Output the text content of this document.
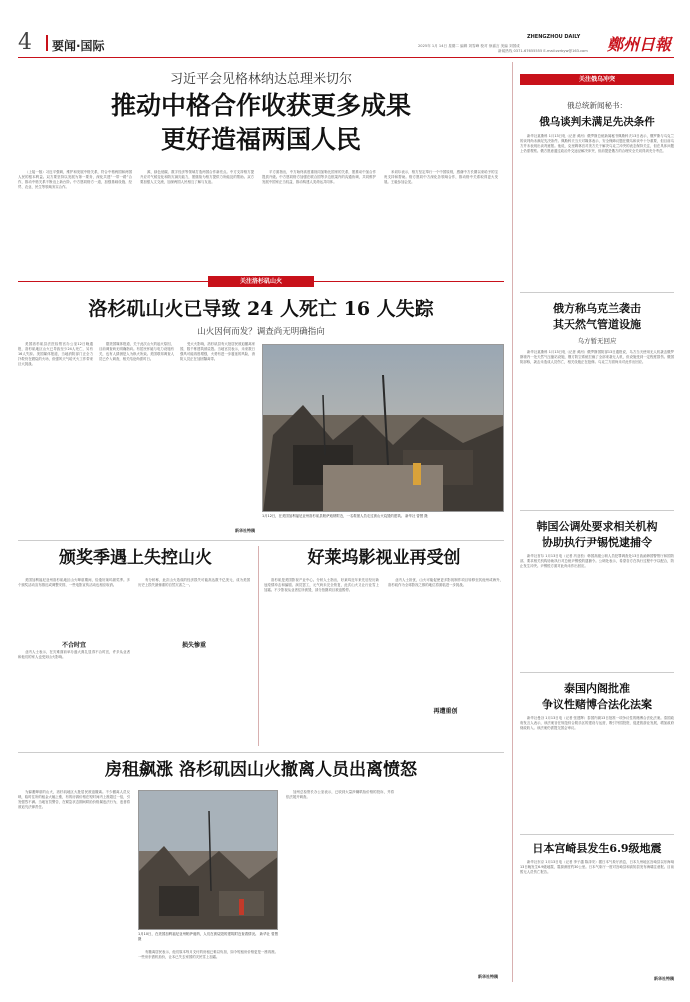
4	要闻·国际
ZHENGZHOU DAILY 鄭州日報
2025年 1月 14日 星期二 编辑 刘雪峰 校对 徐嘉言 美编 刘国成
新闻热线 0371-67655555 E-mail:zzrbyw@163.com
习近平会见格林纳达总理米切尔
推动中格合作收获更多成果
更好造福两国人民

（上接一版）习近平强调，维护和发展中格关系，符合中格两国和两国人民的根本利益。双方要坚持以发展为第一要务，深化共建“一带一路”合作，推动中格关系不断迈上新台阶。中方愿同格方一道，加强基础设施、经贸、农业、民生等领域务实合作。

源、绿色低碳、数字经济等领域打造两国合作新亮点。中方支持格方提升应对气候变化和防灾减灾能力，愿继续为格方提供力所能及的帮助。双方要加强人文交流，加深两国人民相互了解与友谊。

平方面指出，中方始终高度重视同加勒比国家的关系，愿推动中加合作提质升级。中方愿同格方加强在联合国等多边框架内的沟通协调，共同维护发展中国家正当权益，推动构建人类命运共同体。

米切尔表示，格方坚定奉行一个中国原则，感谢中方长期以来给予的宝贵支持和帮助。格方愿同中方深化各领域合作，推动格中关系取得更大发展。王毅参加会见。

关注俄乌冲突
俄总统新闻秘书：
俄乌谈判未满足先决条件

新华社莫斯科 1月13日电（记者 黄河）俄罗斯总统新闻秘书佩斯科夫13日表示，俄罗斯与乌克兰的谈判尚未满足先决条件。佩斯科夫当天对媒体表示，安全保障议题在俄乌和谈中十分重要，但目前乌方并未表现出谈判意愿。他说，克里姆林宫对美方关于解决乌克兰冲突的表态保持关注，但在具体问题上仍需观察。俄方愿意通过政治外交途径解决冲突，但前提是俄方的合理安全关切得到充分考虑。

俄方称乌克兰袭击
其天然气管道设施
乌方暂无回应

新华社莫斯科 1月13日电（记者 黄河）俄罗斯国防部13日通报说，乌方当天使用无人机袭击俄罗斯境内一处天然气压缩站设施，俄方防空系统拦截了全部来袭无人机，但设施受到一定程度损伤。俄国防部称，袭击未造成人员伤亡，相关设施正在抢修。乌克兰方面尚未对此作出回应。

韩国公调处要求相关机构
协助执行尹锡悦逮捕令

新华社首尔 1月13日电（记者 冯亚松）韩国高级公职人员犯罪调查处13日致函韩国警察厅和国防部，要求相关机构协助执行对总统尹锡悦的逮捕令。公调处表示，希望各方在执行过程中予以配合，防止发生冲突。尹锡悦方面对此尚未作出回应。

泰国内阁批准
争议性赌博合法化法案

新华社曼谷 1月13日电（记者 张建辉）泰国内阁13日批准一项争议性的赌博合法化法案。泰国政府发言人表示，该法案旨在规范综合娱乐区的建设与运营，吸引外国投资，促进旅游业发展，增加政府财政收入。该法案仍需提交国会审议。

日本宫崎县发生6.9级地震

新华社东京 1月13日电（记者 李子越 陈泽安）据日本气象厅消息，日本九州地区宫崎县以东海域13日晚发生6.9级地震，震源深度约30公里。日本气象厅一度对宫崎县和高知县发布海啸注意报。目前暂无人员伤亡报告。

新华社特稿
关注洛杉矶山火
洛杉矶山火已导致 24 人死亡 16 人失踪
山火因何而发？调查尚无明确指向

美国洛杉矶县法医检察官办公室12日晚通报，洛杉矶地区山火已导致至少24人死亡，另有16人失踪。美国媒体报道，当地消防部门正全力扑救仍在燃烧的火场，但强风天气给灭火工作带来巨大挑战。

据美国媒体报道，关于此次山火的起火原因，目前调查尚无明确指向。有居民怀疑与电力设施有关，也有人猜测是人为纵火所致。美国联邦调查人员已介入调查，相关结论尚需时日。

受大火影响，洛杉矶县有大批居民被迫撤离家园，数千栋建筑被烧毁。当地官员表示，未来数日强风可能再度增强，火势有进一步蔓延的风险，消防人员正在加固隔离带。

1月12日，在美国加利福尼亚州洛杉矶县帕萨迪纳附近，一名救援人员走过被山火烧毁的建筑。 新华社 曾慧 摄
新华社特稿
颁奖季遇上失控山火

美国加利福尼亚州洛杉矶地区山火肆虐期间，恰逢好莱坞颁奖季。多个颁奖活动宣布推迟或调整安排，一些电影宣传活动也相应取消。

不合时宜

业内人士表示，在灾难面前举办盛大典礼显得不合时宜，许多从业者和他们的家人也受到山火影响。

损失惨重

有分析称，此次山火造成的经济损失可能高达数千亿美元，成为美国历史上损失最惨重的自然灾害之一。

好莱坞影视业再受创

洛杉矶是美国影视产业中心。分析人士指出，好莱坞近年来先后经历新冠疫情冲击和编剧、演员罢工，元气尚未完全恢复，此次山火又让行业雪上加霜。不少影视从业者住所被毁，部分拍摄项目被迫暂停。

再遭重创

业内人士担忧，山火可能促使更多影视制作项目转移至其他州或海外，洛杉矶作为全球影视之都的地位将面临进一步挑战。

房租飙涨 洛杉矶因山火撤离人员出离愤怒

为躲避肆虐的山火，洛杉矶地区大批居民被迫撤离。不少撤离人员反映，临时住所的租金大幅上涨，有的房源价格在短时间内上涨超过一倍，引发强烈不满。当地官员警告，在紧急状态期间哄抬价格属违法行为，违者将被追究法律责任。

1月10日，在美国加利福尼亚州帕萨迪纳，人们在被烧毁的建筑附近查看情况。 新华社 曾慧 摄

有撤离居民表示，他们原本每月支付的房租已难以负担，如今短租房价格更是一涨再涨。一些房东借机抬价，让本已失去家园的灾民雪上加霜。

加州总检察长办公室表示，已收到大量涉嫌哄抬价格的投诉，并将依法展开调查。

新华社特稿
